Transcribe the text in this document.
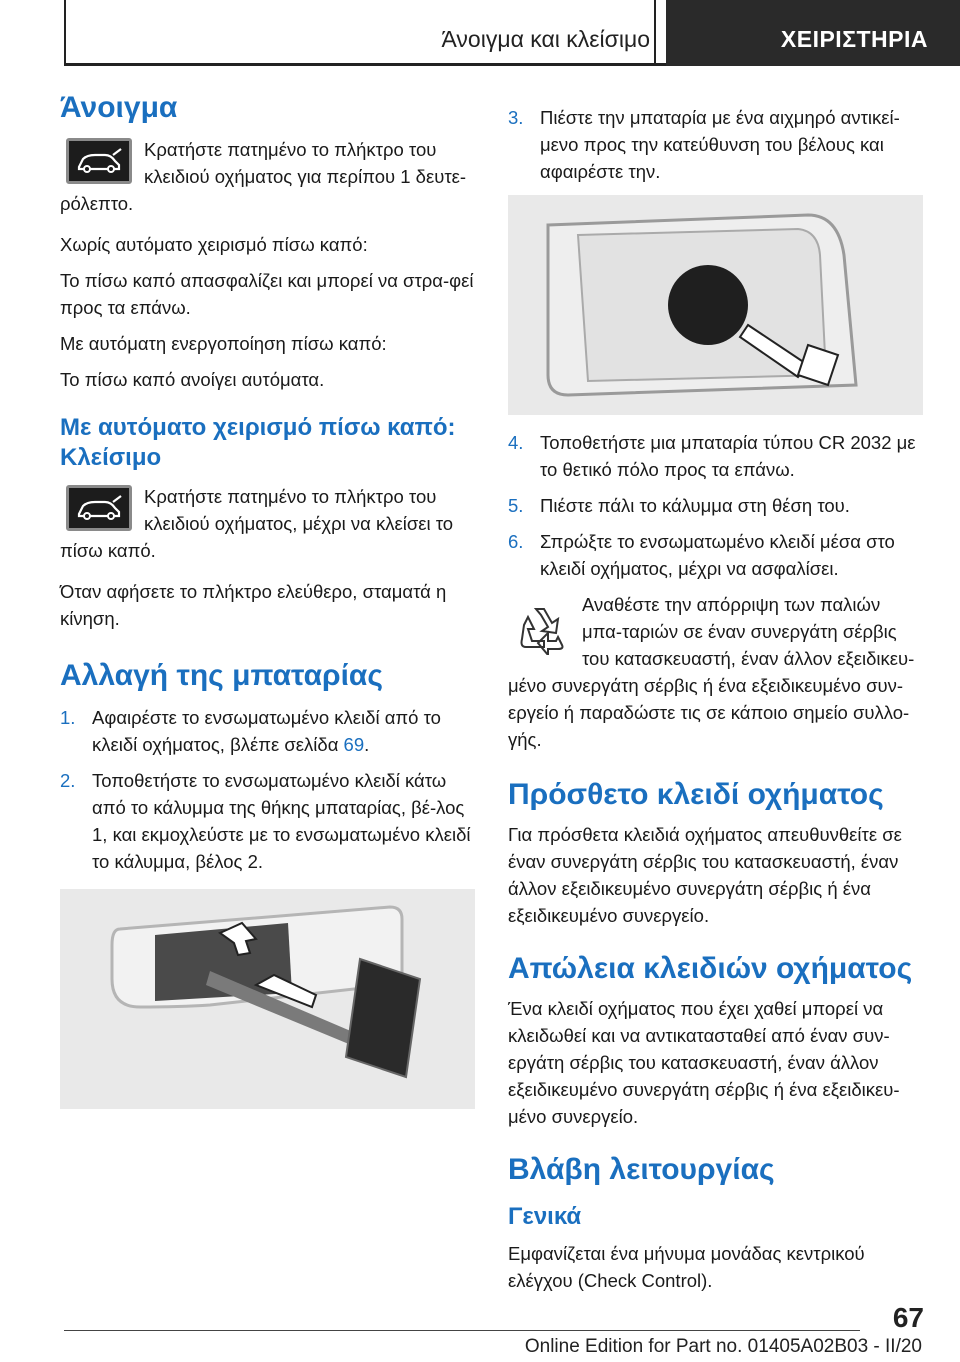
Άνοιγμα και κλείσιμο	ΧΕΙΡΙΣΤΗΡΙΑ
Άνοιγμα

Κρατήστε πατημένο το πλήκτρο του κλειδιού οχήματος για περίπου 1 δευτε-ρόλεπτο.

Χωρίς αυτόματο χειρισμό πίσω καπό:

Το πίσω καπό απασφαλίζει και μπορεί να στρα-φεί προς τα επάνω.

Με αυτόματη ενεργοποίηση πίσω καπό:

Το πίσω καπό ανοίγει αυτόματα.

Με αυτόματο χειρισμό πίσω καπό: Κλείσιμο

Κρατήστε πατημένο το πλήκτρο του κλειδιού οχήματος, μέχρι να κλείσει το πίσω καπό.

Όταν αφήσετε το πλήκτρο ελεύθερο, σταματά η κίνηση.

Αλλαγή της μπαταρίας
1. Αφαιρέστε το ενσωματωμένο κλειδί από το κλειδί οχήματος, βλέπε σελίδα 69.
2. Τοποθετήστε το ενσωματωμένο κλειδί κάτω από το κάλυμμα της θήκης μπαταρίας, βέ-λος 1, και εκμοχλεύστε με το ενσωματωμένο κλειδί το κάλυμμα, βέλος 2.
3. Πιέστε την μπαταρία με ένα αιχμηρό αντικεί-μενο προς την κατεύθυνση του βέλους και αφαιρέστε την.
4. Τοποθετήστε μια μπαταρία τύπου CR 2032 με το θετικό πόλο προς τα επάνω.
5. Πιέστε πάλι το κάλυμμα στη θέση του.
6. Σπρώξτε το ενσωματωμένο κλειδί μέσα στο κλειδί οχήματος, μέχρι να ασφαλίσει.

Αναθέστε την απόρριψη των παλιών μπα-ταριών σε έναν συνεργάτη σέρβις του κατασκευαστή, έναν άλλον εξειδικευ-μένο συνεργάτη σέρβις ή ένα εξειδικευμένο συν-εργείο ή παραδώστε τις σε κάποιο σημείο συλλο-γής.

Πρόσθετο κλειδί οχήματος

Για πρόσθετα κλειδιά οχήματος απευθυνθείτε σε έναν συνεργάτη σέρβις του κατασκευαστή, έναν άλλον εξειδικευμένο συνεργάτη σέρβις ή ένα εξειδικευμένο συνεργείο.

Απώλεια κλειδιών οχήματος

Ένα κλειδί οχήματος που έχει χαθεί μπορεί να κλειδωθεί και να αντικατασταθεί από έναν συν-εργάτη σέρβις του κατασκευαστή, έναν άλλον εξειδικευμένο συνεργάτη σέρβις ή ένα εξειδικευ-μένο συνεργείο.

Βλάβη λειτουργίας
Γενικά

Εμφανίζεται ένα μήνυμα μονάδας κεντρικού ελέγχου (Check Control).

67
Online Edition for Part no. 01405A02B03 - II/20
